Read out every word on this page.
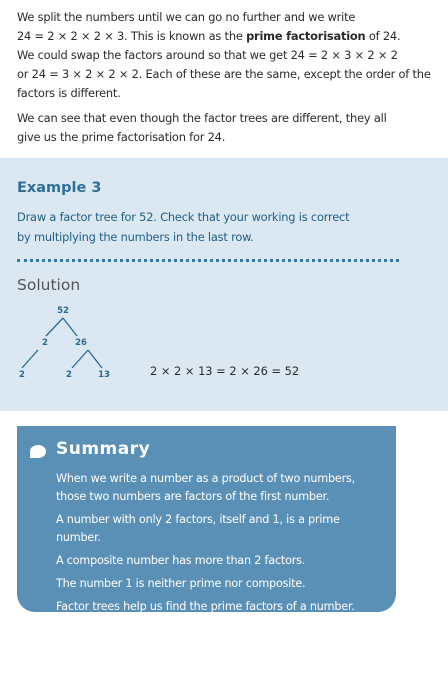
We split the numbers until we can go no further and we write

24 = 2 × 2 × 2 × 3. This is known as the prime factorisation of 24.

We could swap the factors around so that we get 24 = 2 × 3 × 2 × 2

or 24 = 3 × 2 × 2 × 2. Each of these are the same, except the order of the

factors is different.

We can see that even though the factor trees are different, they all

give us the prime factorisation for 24.

Example 3
Draw a factor tree for 52. Check that your working is correct
by multiplying the numbers in the last row.
Solution
52
2	26
2	2	13	2 × 2 × 13 = 2 × 26 = 52
Summary
When we write a number as a product of two numbers,
those two numbers are factors of the first number.
A number with only 2 factors, itself and 1, is a prime number.
A composite number has more than 2 factors.
The number 1 is neither prime nor composite.
Factor trees help us find the prime factors of a number.
